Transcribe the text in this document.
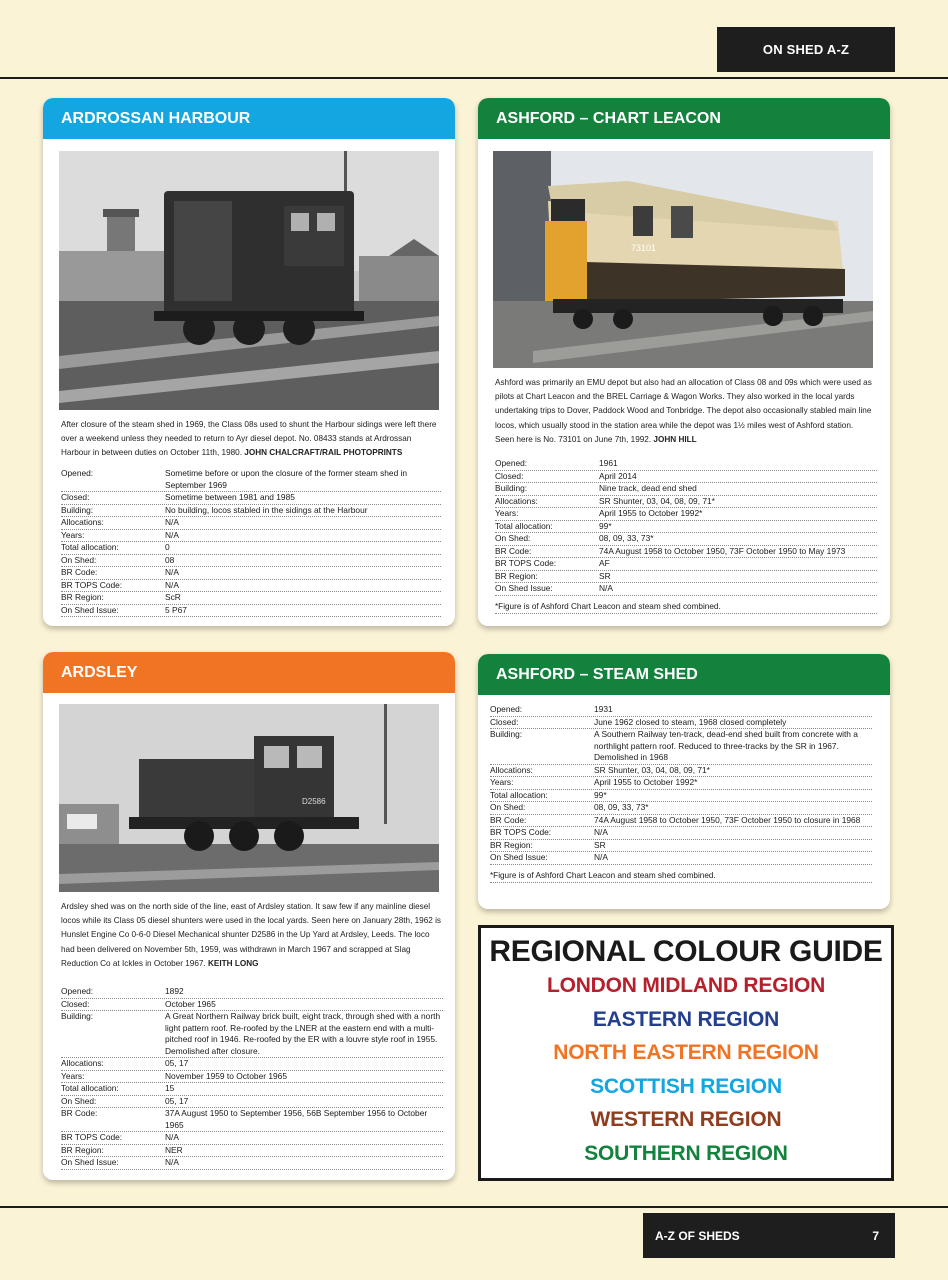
ON SHED A-Z
ARDROSSAN HARBOUR
After closure of the steam shed in 1969, the Class 08s used to shunt the Harbour sidings were left there over a weekend unless they needed to return to Ayr diesel depot. No. 08433 stands at Ardrossan Harbour in between duties on October 11th, 1980. JOHN CHALCRAFT/RAIL PHOTOPRINTS
Opened:	Sometime before or upon the closure of the former steam shed in September 1969
Closed:	Sometime between 1981 and 1985
Building:	No building, locos stabled in the sidings at the Harbour
Allocations:	N/A
Years:	N/A
Total allocation:	0
On Shed:	08
BR Code:	N/A
BR TOPS Code:	N/A
BR Region:	ScR
On Shed Issue:	5 P67
ASHFORD – CHART LEACON
73101
Ashford was primarily an EMU depot but also had an allocation of Class 08 and 09s which were used as pilots at Chart Leacon and the BREL Carriage & Wagon Works. They also worked in the local yards undertaking trips to Dover, Paddock Wood and Tonbridge. The depot also occasionally stabled main line locos, which usually stood in the station area while the depot was 1½ miles west of Ashford station. Seen here is No. 73101 on June 7th, 1992. JOHN HILL
Opened:	1961
Closed:	April 2014
Building:	Nine track, dead end shed
Allocations:	SR Shunter, 03, 04, 08, 09, 71*
Years:	April 1955 to October 1992*
Total allocation:	99*
On Shed:	08, 09, 33, 73*
BR Code:	74A August 1958 to October 1950, 73F October 1950 to May 1973
BR TOPS Code:	AF
BR Region:	SR
On Shed Issue:	N/A
*Figure is of Ashford Chart Leacon and steam shed combined.
ARDSLEY
D2586
Ardsley shed was on the north side of the line, east of Ardsley station. It saw few if any mainline diesel locos while its Class 05 diesel shunters were used in the local yards. Seen here on January 28th, 1962 is Hunslet Engine Co 0-6-0 Diesel Mechanical shunter D2586 in the Up Yard at Ardsley, Leeds. The loco had been delivered on November 5th, 1959, was withdrawn in March 1967 and scrapped at Slag Reduction Co at Ickles in October 1967. KEITH LONG
Opened:	1892
Closed:	October 1965
Building:	A Great Northern Railway brick built, eight track, through shed with a north light pattern roof. Re-roofed by the LNER at the eastern end with a multi-pitched roof in 1946. Re-roofed by the ER with a louvre style roof in 1955. Demolished after closure.
Allocations:	05, 17
Years:	November 1959 to October 1965
Total allocation:	15
On Shed:	05, 17
BR Code:	37A August 1950 to September 1956, 56B September 1956 to October 1965
BR TOPS Code:	N/A
BR Region:	NER
On Shed Issue:	N/A
ASHFORD – STEAM SHED
Opened:	1931
Closed:	June 1962 closed to steam, 1968 closed completely
Building:	A Southern Railway ten-track, dead-end shed built from concrete with a northlight pattern roof. Reduced to three-tracks by the SR in 1967. Demolished in 1968
Allocations:	SR Shunter, 03, 04, 08, 09, 71*
Years:	April 1955 to October 1992*
Total allocation:	99*
On Shed:	08, 09, 33, 73*
BR Code:	74A August 1958 to October 1950, 73F October 1950 to closure in 1968
BR TOPS Code:	N/A
BR Region:	SR
On Shed Issue:	N/A
*Figure is of Ashford Chart Leacon and steam shed combined.
REGIONAL COLOUR GUIDE
LONDON MIDLAND REGION
EASTERN REGION
NORTH EASTERN REGION
SCOTTISH REGION
WESTERN REGION
SOUTHERN REGION
A-Z OF SHEDS	7
